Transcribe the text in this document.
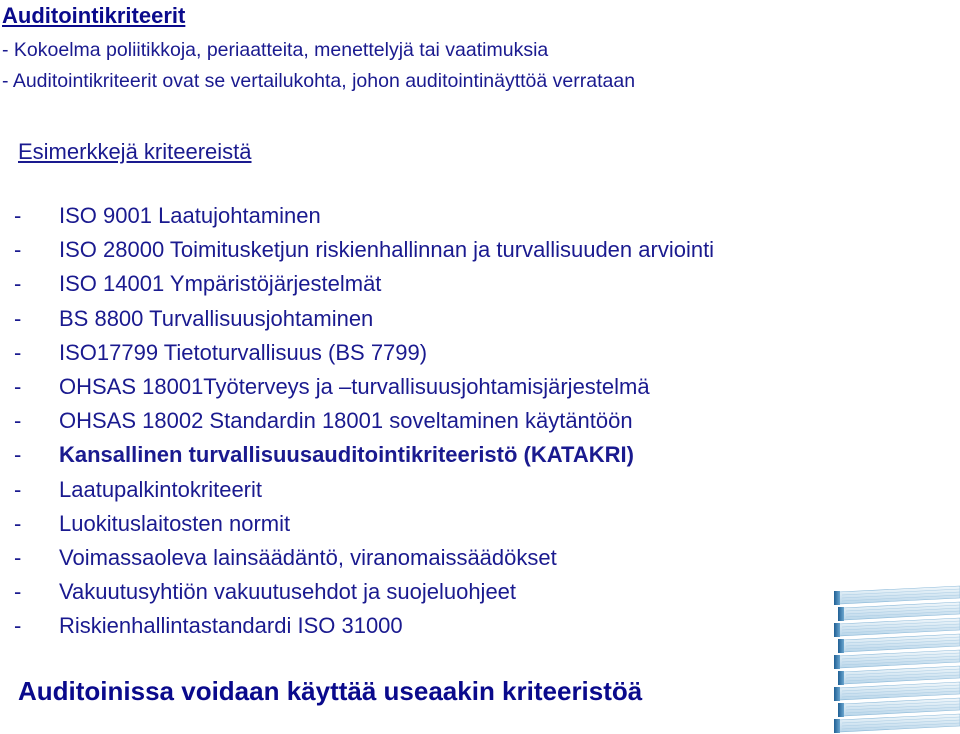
Auditointikriteerit
- Kokoelma poliitikkoja, periaatteita, menettelyjä tai vaatimuksia
- Auditointikriteerit ovat se vertailukohta, johon auditointinäyttöä verrataan
Esimerkkejä kriteereistä
-	ISO 9001 Laatujohtaminen
-	ISO 28000 Toimitusketjun riskienhallinnan ja turvallisuuden arviointi
-	ISO 14001 Ympäristöjärjestelmät
-	BS 8800 Turvallisuusjohtaminen
-	ISO17799 Tietoturvallisuus (BS 7799)
-	OHSAS 18001Työterveys ja –turvallisuusjohtamisjärjestelmä
-	OHSAS 18002 Standardin 18001 soveltaminen käytäntöön
-	Kansallinen turvallisuusauditointikriteeristö (KATAKRI)
-	Laatupalkintokriteerit
-	Luokituslaitosten normit
-	Voimassaoleva lainsäädäntö, viranomaissäädökset
-	Vakuutusyhtiön vakuutusehdot ja suojeluohjeet
-	Riskienhallintastandardi ISO 31000
Auditoinissa voidaan käyttää useaakin kriteeristöä
